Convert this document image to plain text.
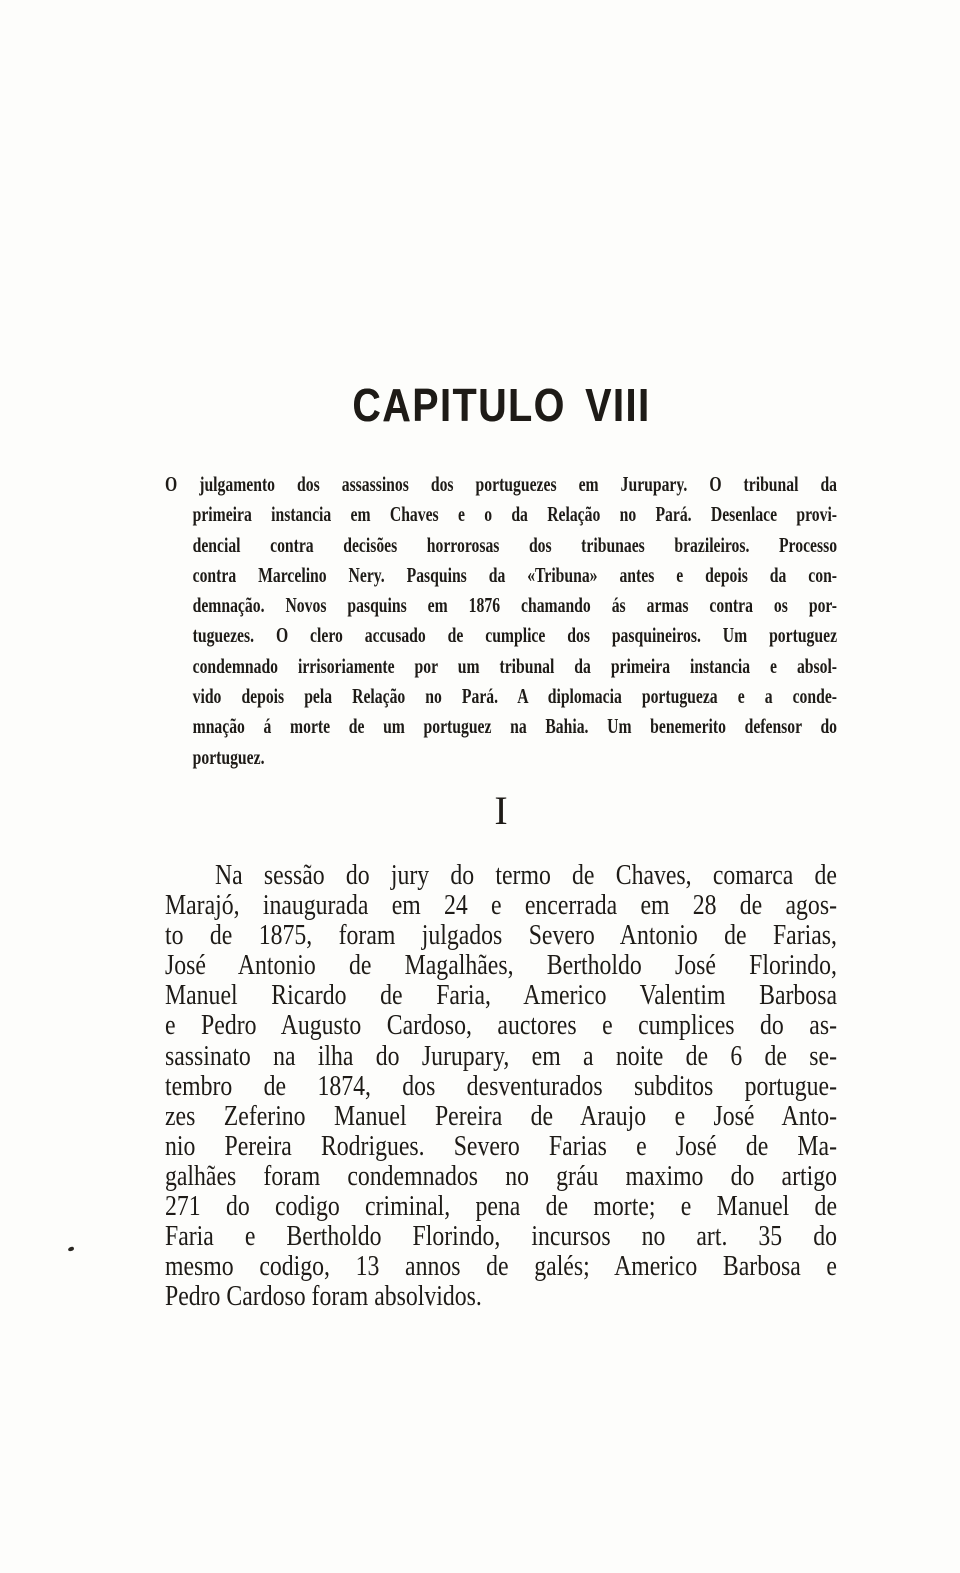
CAPITULO VIII
O julgamento dos assassinos dos portuguezes em Jurupary. O tribunal da
primeira instancia em Chaves e o da Relação no Pará. Desenlace provi-
dencial contra decisões horrorosas dos tribunaes brazileiros. Processo
contra Marcelino Nery. Pasquins da «Tribuna» antes e depois da con-
demnação. Novos pasquins em 1876 chamando ás armas contra os por-
tuguezes. O clero accusado de cumplice dos pasquineiros. Um portuguez
condemnado irrisoriamente por um tribunal da primeira instancia e absol-
vido depois pela Relação no Pará. A diplomacia portugueza e a conde-
mnação á morte de um portuguez na Bahia. Um benemerito defensor do
portuguez.
I
Na sessão do jury do termo de Chaves, comarca de
Marajó, inaugurada em 24 e encerrada em 28 de agos-
to de 1875, foram julgados Severo Antonio de Farias,
José Antonio de Magalhães, Bertholdo José Florindo,
Manuel Ricardo de Faria, Americo Valentim Barbosa
e Pedro Augusto Cardoso, auctores e cumplices do as-
sassinato na ilha do Jurupary, em a noite de 6 de se-
tembro de 1874, dos desventurados subditos portugue-
zes Zeferino Manuel Pereira de Araujo e José Anto-
nio Pereira Rodrigues. Severo Farias e José de Ma-
galhães foram condemnados no gráu maximo do artigo
271 do codigo criminal, pena de morte; e Manuel de
Faria e Bertholdo Florindo, incursos no art. 35 do
mesmo codigo, 13 annos de galés; Americo Barbosa e
Pedro Cardoso foram absolvidos.
